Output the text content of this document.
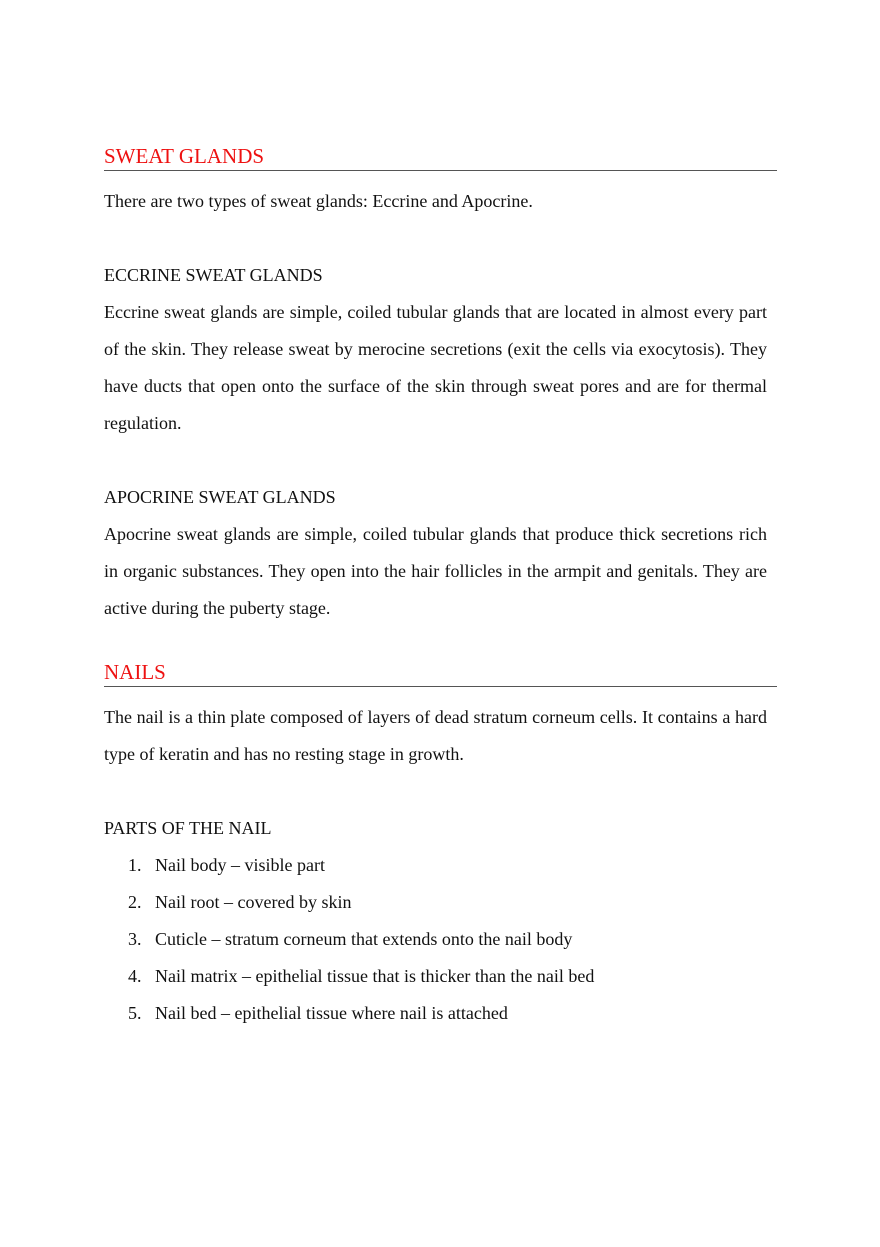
SWEAT GLANDS

There are two types of sweat glands: Eccrine and Apocrine.

ECCRINE SWEAT GLANDS

Eccrine sweat glands are simple, coiled tubular glands that are located in almost every part of the skin. They release sweat by merocine secretions (exit the cells via exocytosis). They have ducts that open onto the surface of the skin through sweat pores and are for thermal regulation.

APOCRINE SWEAT GLANDS

Apocrine sweat glands are simple, coiled tubular glands that produce thick secretions rich in organic substances. They open into the hair follicles in the armpit and genitals. They are active during the puberty stage.

NAILS

The nail is a thin plate composed of layers of dead stratum corneum cells. It contains a hard type of keratin and has no resting stage in growth.

PARTS OF THE NAIL

1. Nail body – visible part
2. Nail root – covered by skin
3. Cuticle – stratum corneum that extends onto the nail body
4. Nail matrix – epithelial tissue that is thicker than the nail bed
5. Nail bed – epithelial tissue where nail is attached
